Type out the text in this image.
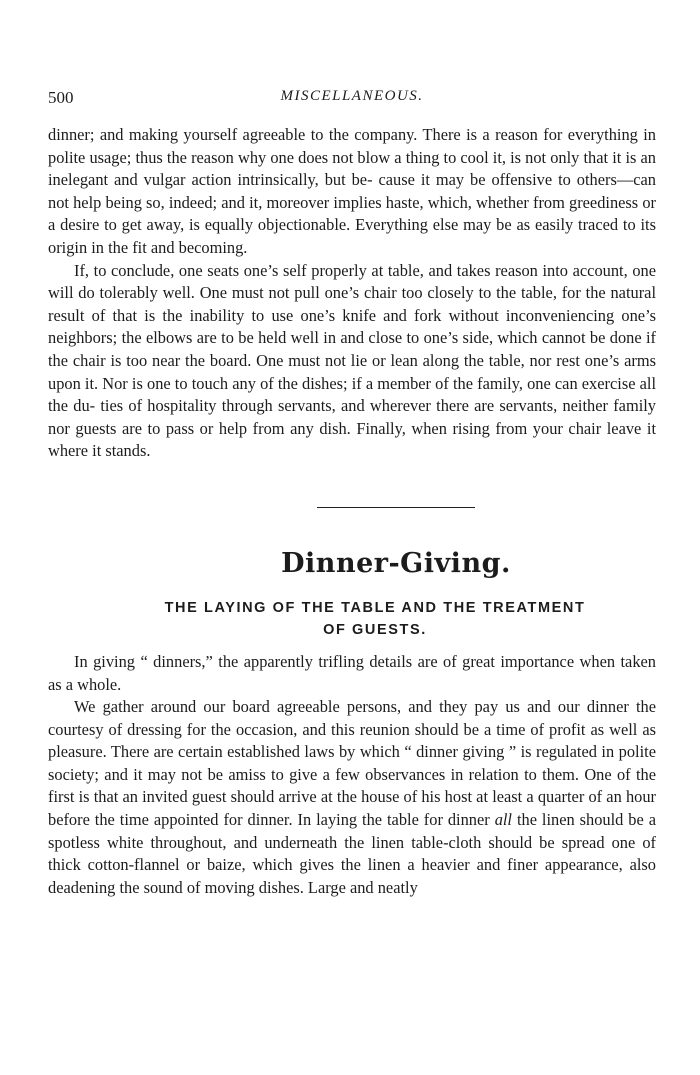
500	MISCELLANEOUS.

dinner; and making yourself agreeable to the company. There is a reason for everything in polite usage; thus the reason why one does not blow a thing to cool it, is not only that it is an inelegant and vulgar action intrinsically, but be- cause it may be offensive to others—can not help being so, indeed; and it, moreover implies haste, which, whether from greediness or a desire to get away, is equally objectionable. Everything else may be as easily traced to its origin in the fit and becoming.

If, to conclude, one seats one’s self properly at table, and takes reason into account, one will do tolerably well. One must not pull one’s chair too closely to the table, for the natural result of that is the inability to use one’s knife and fork without inconveniencing one’s neighbors; the elbows are to be held well in and close to one’s side, which cannot be done if the chair is too near the board. One must not lie or lean along the table, nor rest one’s arms upon it. Nor is one to touch any of the dishes; if a member of the family, one can exercise all the du- ties of hospitality through servants, and wherever there are servants, neither family nor guests are to pass or help from any dish. Finally, when rising from your chair leave it where it stands.

Dinner-Giving.
THE LAYING OF THE TABLE AND THE TREATMENT
OF GUESTS.

In giving “ dinners,” the apparently trifling details are of great importance when taken as a whole.

We gather around our board agreeable persons, and they pay us and our dinner the courtesy of dressing for the occasion, and this reunion should be a time of profit as well as pleasure. There are certain established laws by which “ dinner giving ” is regulated in polite society; and it may not be amiss to give a few observances in relation to them. One of the first is that an invited guest should arrive at the house of his host at least a quarter of an hour before the time appointed for dinner. In laying the table for dinner all the linen should be a spotless white throughout, and underneath the linen table-cloth should be spread one of thick cotton-flannel or baize, which gives the linen a heavier and finer appearance, also deadening the sound of moving dishes. Large and neatly
